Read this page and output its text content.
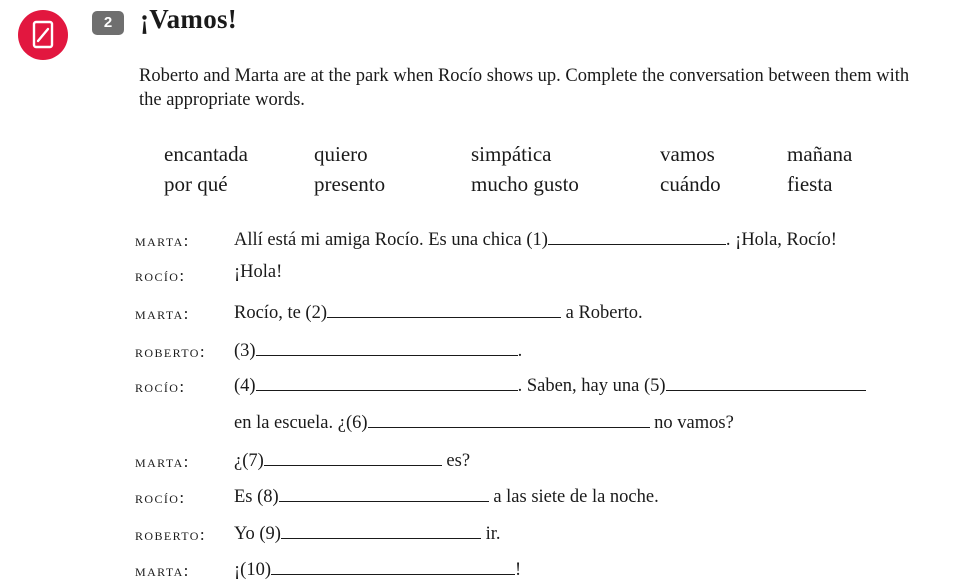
2	¡Vamos!
Roberto and Marta are at the park when Rocío shows up. Complete the conversation between them with the appropriate words.
encantada	quiero	simpática	vamos	mañana
por qué	presento	mucho gusto	cuándo	fiesta
marta: Allí está mi amiga Rocío. Es una chica (1)	. ¡Hola, Rocío!
rocío:	¡Hola!
marta: Rocío, te (2)	a Roberto.
roberto: (3)	.
rocío:	(4)	. Saben, hay una (5)
en la escuela. ¿(6)	no vamos?
marta: ¿(7)	es?
rocío:	Es (8)	a las siete de la noche.
roberto: Yo (9)	ir.
marta: ¡(10)	!
